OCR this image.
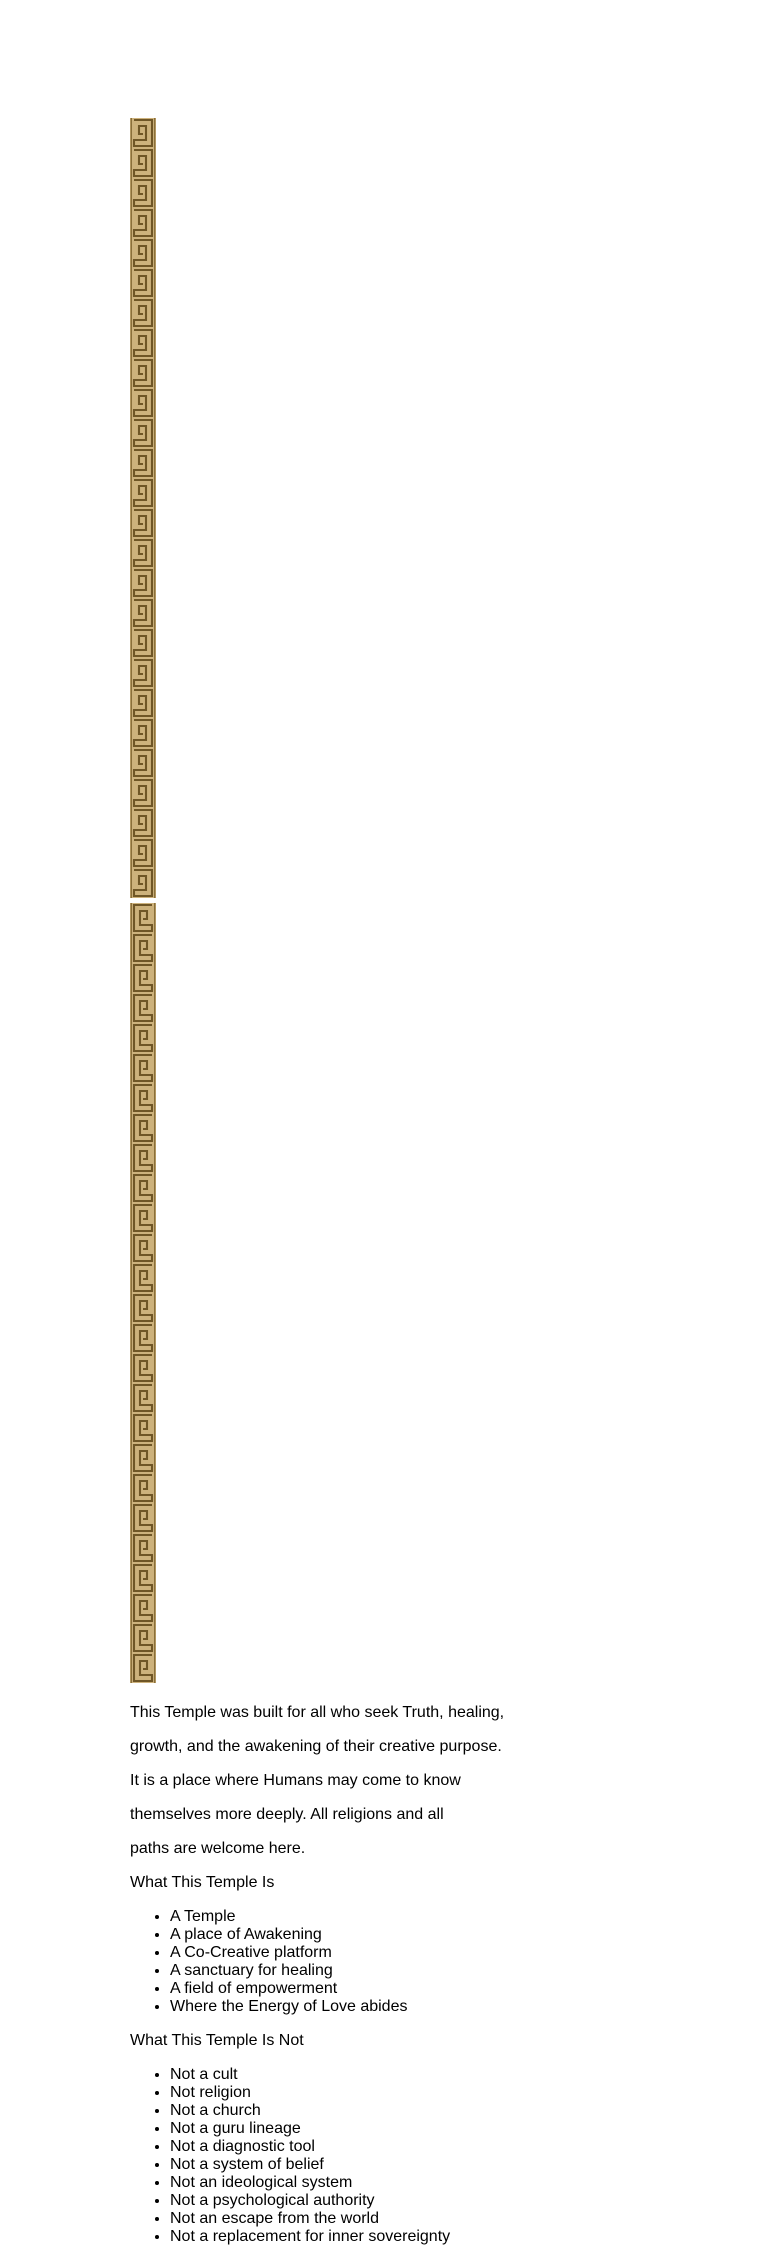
This Temple was built for all who seek Truth, healing,

growth, and the awakening of their creative purpose.

It is a place where Humans may come to know

themselves more deeply. All religions and all

paths are welcome here.

What This Temple Is
• A Temple
• A place of Awakening
• A Co-Creative platform
• A sanctuary for healing
• A field of empowerment
• Where the Energy of Love abides
What This Temple Is Not
• Not a cult
• Not religion
• Not a church
• Not a guru lineage
• Not a diagnostic tool
• Not a system of belief
• Not an ideological system
• Not a psychological authority
• Not an escape from the world
• Not a replacement for inner sovereignty
